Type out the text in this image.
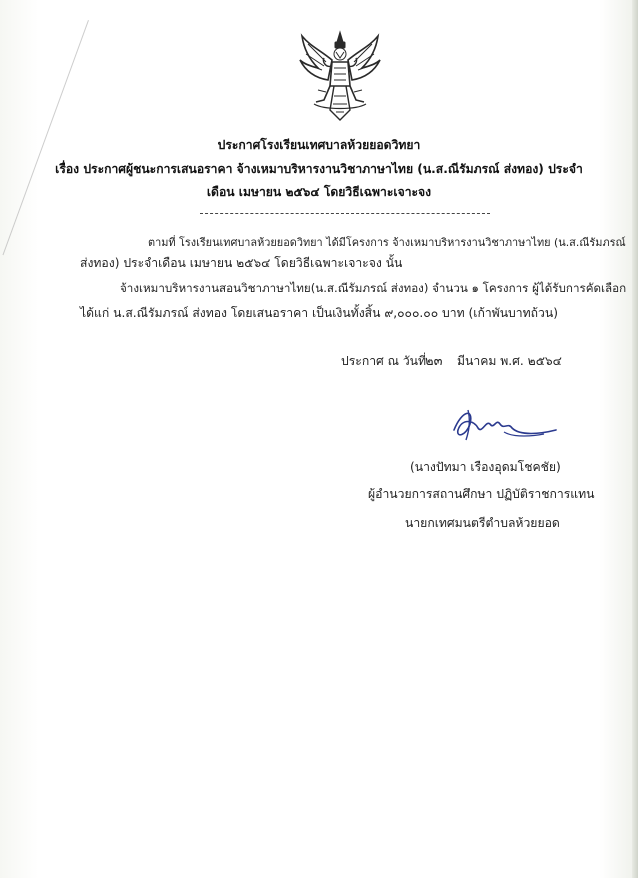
ประกาศโรงเรียนเทศบาลห้วยยอดวิทยา
เรื่อง ประกาศผู้ชนะการเสนอราคา จ้างเหมาบริหารงานวิชาภาษาไทย (น.ส.ณีรัมภรณ์ ส่งทอง) ประจำ
เดือน เมษายน ๒๕๖๔ โดยวิธีเฉพาะเจาะจง
ตามที่ โรงเรียนเทศบาลห้วยยอดวิทยา ได้มีโครงการ จ้างเหมาบริหารงานวิชาภาษาไทย (น.ส.ณีรัมภรณ์
ส่งทอง) ประจำเดือน เมษายน ๒๕๖๔ โดยวิธีเฉพาะเจาะจง นั้น
จ้างเหมาบริหารงานสอนวิชาภาษาไทย(น.ส.ณีรัมภรณ์ ส่งทอง) จำนวน ๑ โครงการ ผู้ได้รับการคัดเลือก
ได้แก่ น.ส.ณีรัมภรณ์ ส่งทอง โดยเสนอราคา เป็นเงินทั้งสิ้น ๙,๐๐๐.๐๐ บาท (เก้าพันบาทถ้วน)
ประกาศ ณ วันที่
๒๓ มีนาคม พ.ศ. ๒๕๖๔
(นางปัทมา เรืองอุดมโชคชัย)
ผู้อำนวยการสถานศึกษา ปฏิบัติราชการแทน
นายกเทศมนตรีตำบลห้วยยอด
